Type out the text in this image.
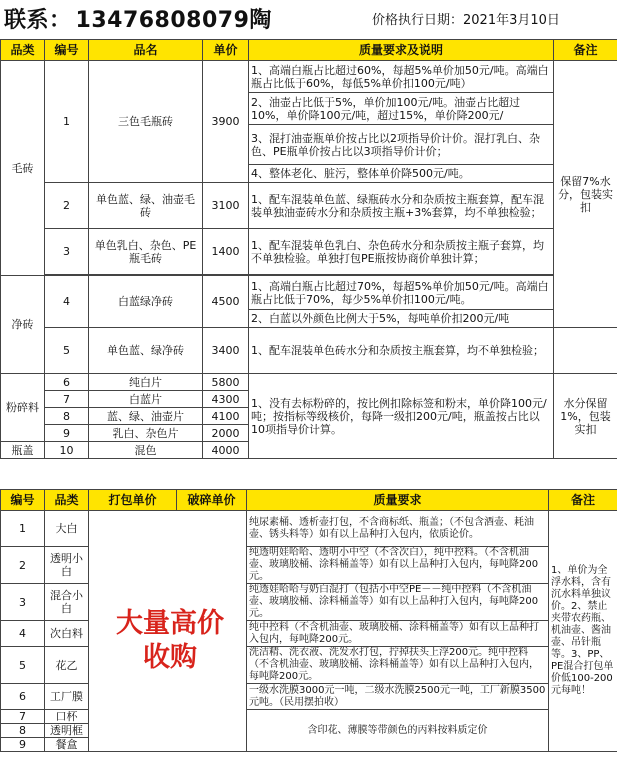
联系： 13476808079陶	价格执行日期：2021年3月10日
品类	编号	品名	单价	质量要求及说明	备注
毛砖	1	三色毛瓶砖	3900	1、高端白瓶占比超过60%，每超5%单价加50元/吨。高端白瓶占比低于60%，每低5%单价扣100元/吨）	保留7%水分，包装实扣
				2、油壶占比低于5%，单价加100元/吨。油壶占比超过10%，单价降100元/吨，超过15%，单价降200元/	
				3、混打油壶瓶单价按占比以2项指导价计价。混打乳白、杂色、PE瓶单价按占比以3项指导价计价；	
				4、整体老化、脏污，整体单价降500元/吨。	
	2	单色蓝、绿、油壶毛砖	3100	1、配车混装单色蓝、绿瓶砖水分和杂质按主瓶套算，配车混装单独油壶砖水分和杂质按主瓶+3%套算，均不单独检验；	
	3	单色乳白、杂色、PE瓶毛砖	1400	1、配车混装单色乳白、杂色砖水分和杂质按主瓶子套算，均不单独检验。单独打包PE瓶按协商价单独计算；	

净砖	4	白蓝绿净砖	4500	1、高端白瓶占比超过70%，每超5%单价加50元/吨。高端白瓶占比低于70%，每少5%单价扣100元/吨。	
				2、白蓝以外颜色比例大于5%，每吨单价扣200元/吨	
	5	单色蓝、绿净砖	3400	1、配车混装单色砖水分和杂质按主瓶套算，均不单独检验；	
粉碎料	6	纯白片	5800	1、没有去标粉碎的，按比例扣除标签和粉末，单价降100元/吨；按指标等级核价，每降一级扣200元/吨，瓶盖按占比以10项指导价计算。	水分保留1%，包装实扣
	7	白蓝片	4300		
	8	蓝、绿、油壶片	4100		
	9	乳白、杂色片	2000		
瓶盖	10	混色	4000		
编号	品类	打包单价	破碎单价	质量要求	备注
1	大白			纯尿素桶、透析壶打包，不含商标纸、瓶盖；（不包含酒壶、耗油壶、锈头料等）如有以上品种打入包内，依质论价。	1、单价为全浮水料，含有沉水料单独议价。2、禁止夹带农药瓶、机油壶、酱油壶、吊针瓶等。3、PP、PE混合打包单价低100-200元每吨！
2	透明小白			纯透明娃哈哈、透明小中空（不含次白），纯中控料。（不含机油壶、玻璃胶桶、涂料桶盖等）如有以上品种打入包内，每吨降200元。	
3	混合小白			纯透娃哈哈与奶白混打（包括小中空PE－－纯中控料（不含机油壶、玻璃胶桶、涂料桶盖等）如有以上品种打入包内，每吨降200元。	
4	次白料			纯中控料（不含机油壶、玻璃胶桶、涂料桶盖等）如有以上品种打入包内，每吨降200元。	
5	花乙			洗洁精、洗衣液、洗发水打包，拧掉扶头上浮200元。纯中控料（不含机油壶、玻璃胶桶、涂料桶盖等）如有以上品种打入包内，每吨降200元。	
6	工厂膜			一级水洗膜3000元一吨，二级水洗膜2500元一吨，工厂新膜3500元吨。（民用摆拍收）	
7	口杯			含印花、薄膜等带颜色的丙料按料质定价	
8	透明框				
9	餐盒				
大量高价
收购
